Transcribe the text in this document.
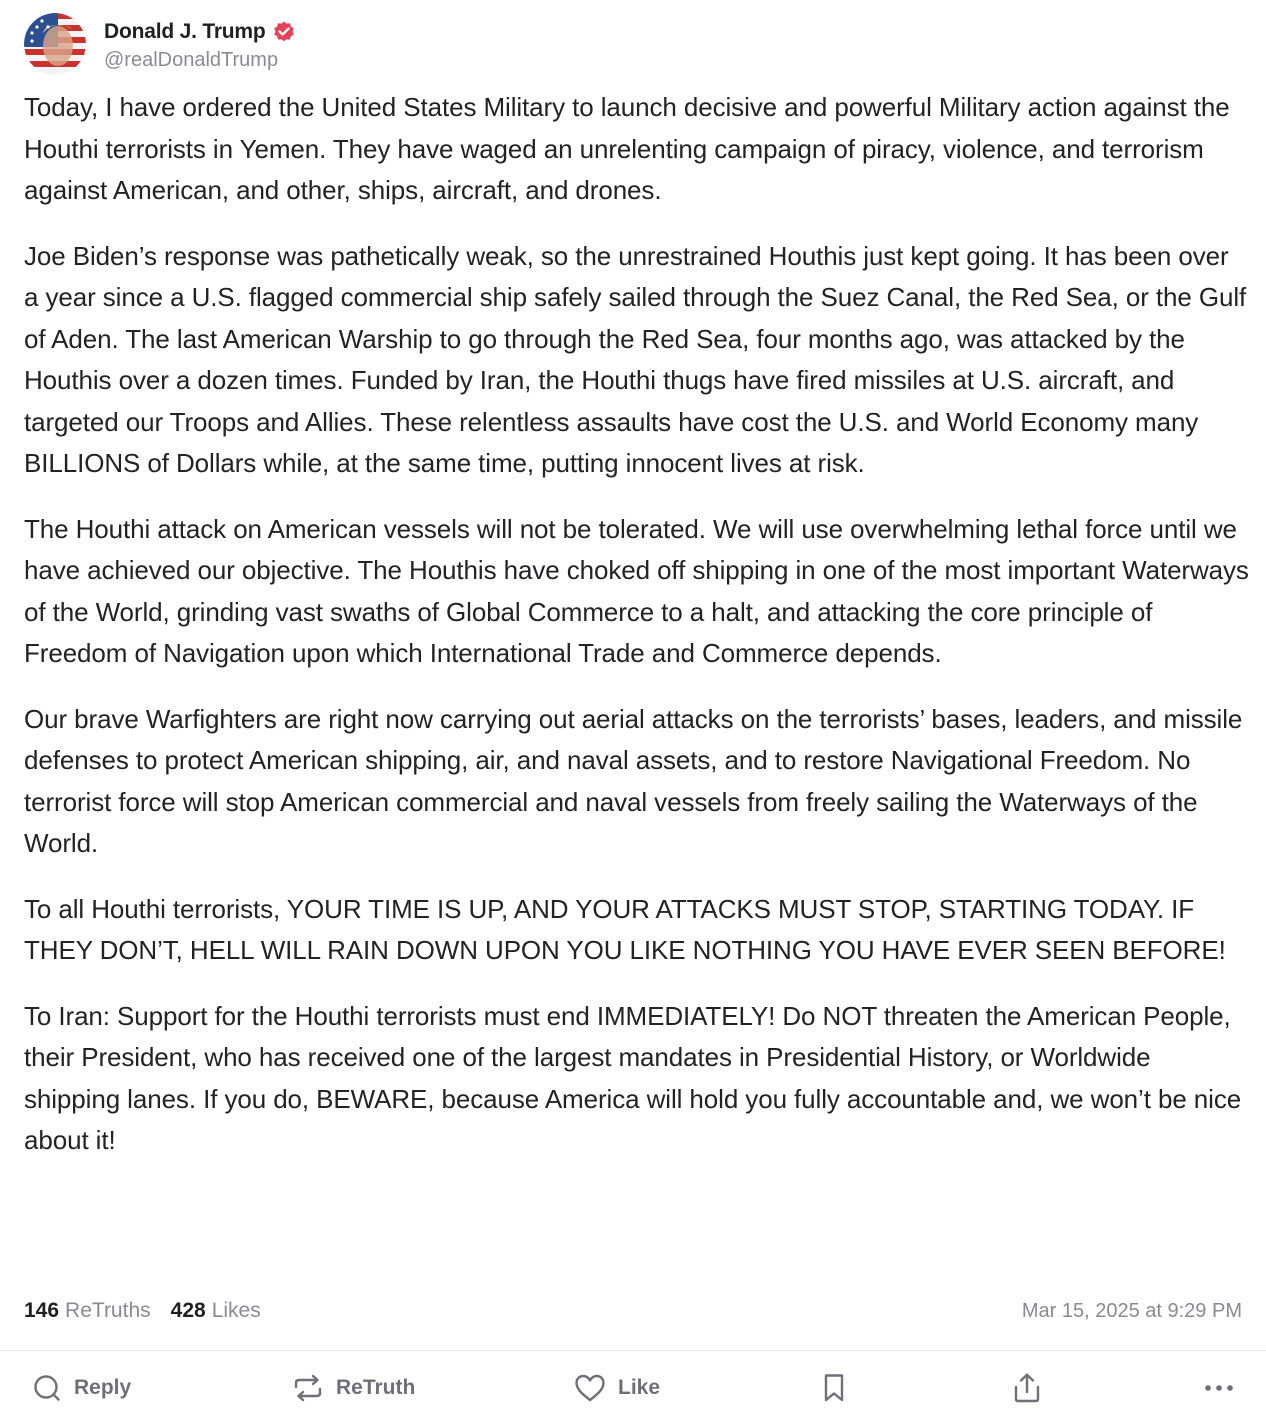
Donald J. Trump
@realDonaldTrump

Today, I have ordered the United States Military to launch decisive and powerful Military action against the Houthi terrorists in Yemen. They have waged an unrelenting campaign of piracy, violence, and terrorism against American, and other, ships, aircraft, and drones.

Joe Biden’s response was pathetically weak, so the unrestrained Houthis just kept going. It has been over a year since a U.S. flagged commercial ship safely sailed through the Suez Canal, the Red Sea, or the Gulf of Aden. The last American Warship to go through the Red Sea, four months ago, was attacked by the Houthis over a dozen times. Funded by Iran, the Houthi thugs have fired missiles at U.S. aircraft, and targeted our Troops and Allies. These relentless assaults have cost the U.S. and World Economy many BILLIONS of Dollars while, at the same time, putting innocent lives at risk.

The Houthi attack on American vessels will not be tolerated. We will use overwhelming lethal force until we have achieved our objective. The Houthis have choked off shipping in one of the most important Waterways of the World, grinding vast swaths of Global Commerce to a halt, and attacking the core principle of Freedom of Navigation upon which International Trade and Commerce depends.

Our brave Warfighters are right now carrying out aerial attacks on the terrorists’ bases, leaders, and missile defenses to protect American shipping, air, and naval assets, and to restore Navigational Freedom. No terrorist force will stop American commercial and naval vessels from freely sailing the Waterways of the World.

To all Houthi terrorists, YOUR TIME IS UP, AND YOUR ATTACKS MUST STOP, STARTING TODAY. IF THEY DON’T, HELL WILL RAIN DOWN UPON YOU LIKE NOTHING YOU HAVE EVER SEEN BEFORE!

To Iran: Support for the Houthi terrorists must end IMMEDIATELY! Do NOT threaten the American People, their President, who has received one of the largest mandates in Presidential History, or Worldwide shipping lanes. If you do, BEWARE, because America will hold you fully accountable and, we won’t be nice about it!

146 ReTruths 428 Likes	Mar 15, 2025 at 9:29 PM
Reply	ReTruth	Like
